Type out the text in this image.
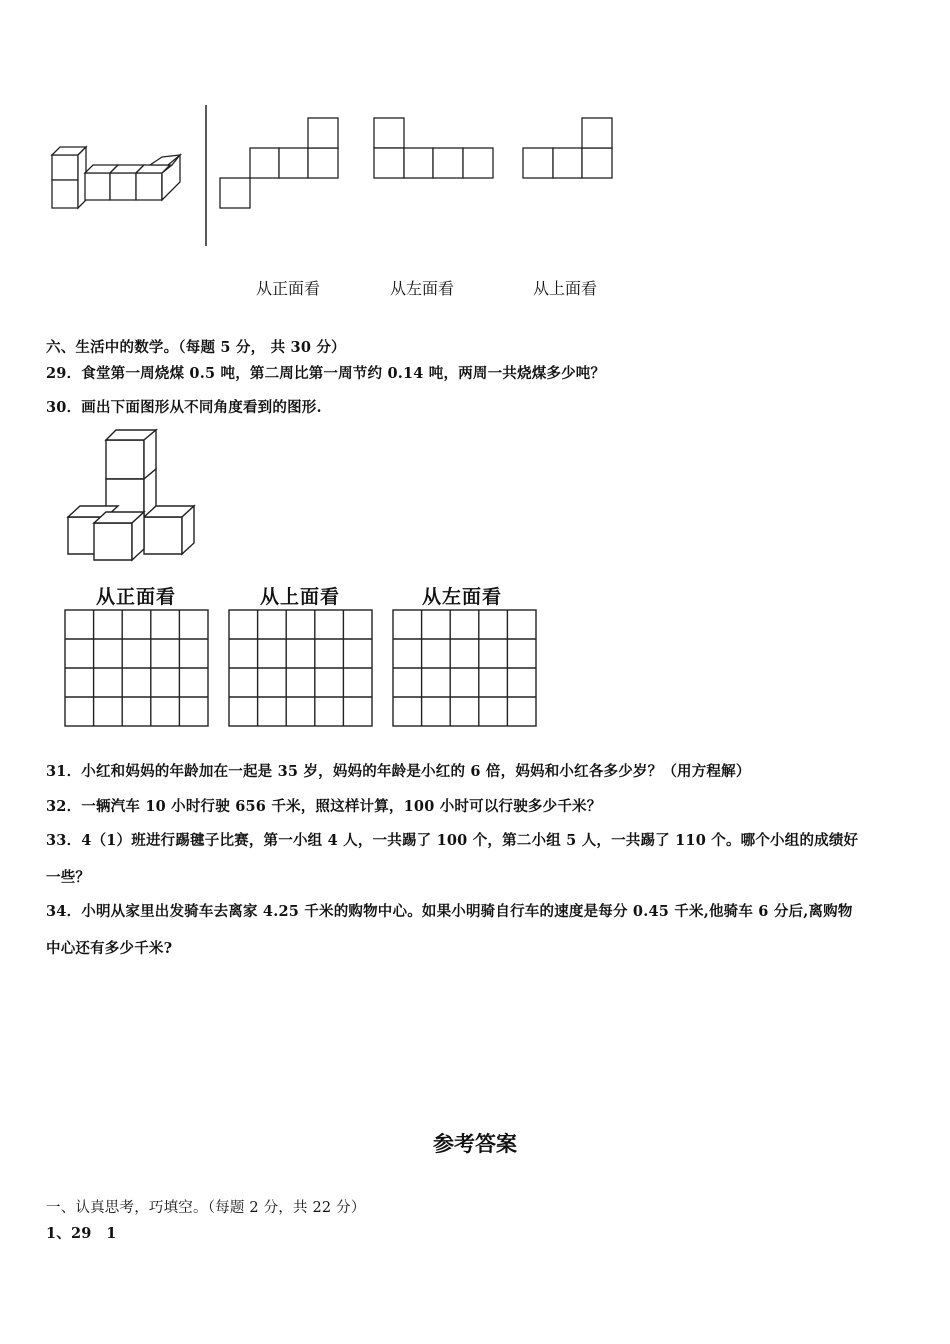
从正面看	从左面看	从上面看
六、生活中的数学。（每题 5 分， 共 30 分）
29．食堂第一周烧煤 0.5 吨，第二周比第一周节约 0.14 吨，两周一共烧煤多少吨？
30．画出下面图形从不同角度看到的图形.
从正面看	从上面看	从左面看
31．小红和妈妈的年龄加在一起是 35 岁，妈妈的年龄是小红的 6 倍，妈妈和小红各多少岁？（用方程解）
32．一辆汽车 10 小时行驶 656 千米，照这样计算，100 小时可以行驶多少千米？
33．4（1）班进行踢毽子比赛，第一小组 4 人，一共踢了 100 个，第二小组 5 人，一共踢了 110 个。哪个小组的成绩好
一些？
34．小明从家里出发骑车去离家 4.25 千米的购物中心。如果小明骑自行车的速度是每分 0.45 千米,他骑车 6 分后,离购物
中心还有多少千米?
参考答案
一、认真思考，巧填空。（每题 2 分，共 22 分）
1、29　1
